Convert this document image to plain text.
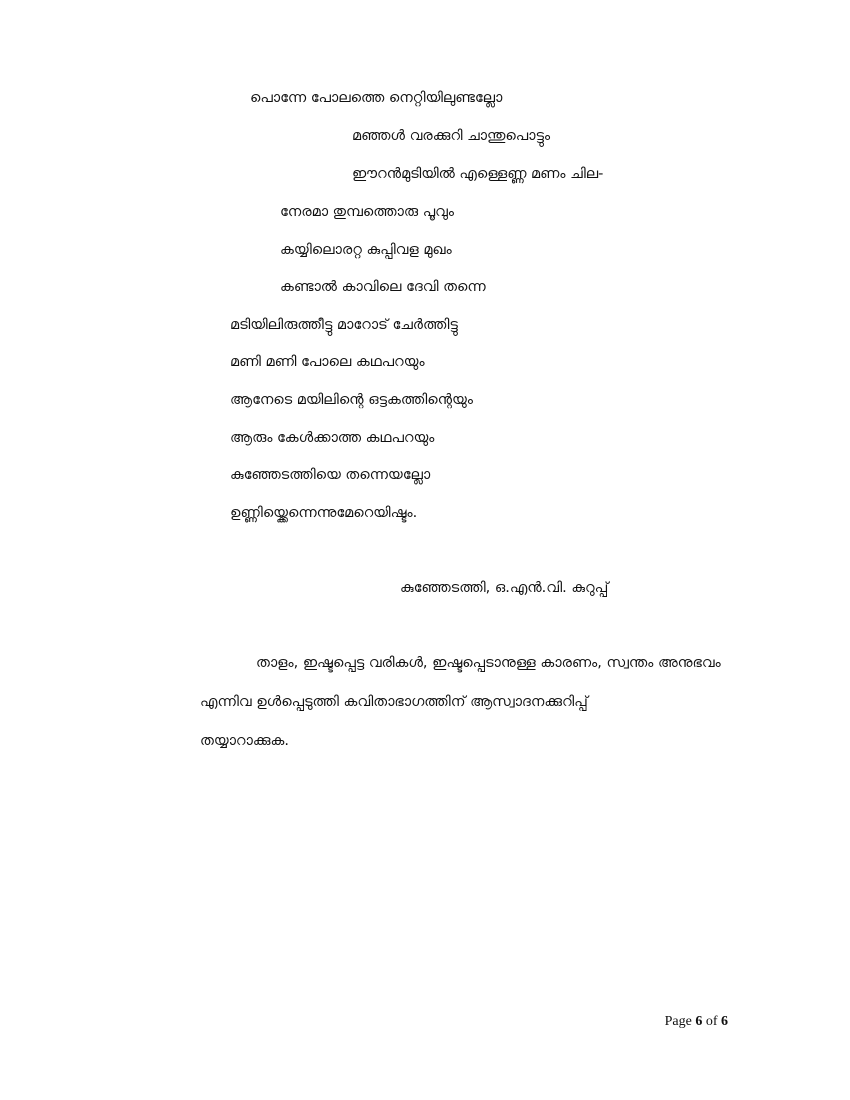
പൊന്നേ പോലത്തെ നെറ്റിയിലുണ്ടല്ലോ
മഞ്ഞൾ വരക്കുറി ചാന്തുപൊട്ടും
ഈറൻമുടിയിൽ എള്ളെണ്ണ മണം ചില-
നേരമാ തുമ്പത്തൊരു പൂവും
കയ്യിലൊരറ്റ കുപ്പിവള മുഖം
കണ്ടാൽ കാവിലെ ദേവി തന്നെ
മടിയിലിരുത്തീട്ടു മാറോട് ചേർത്തിട്ടു
മണി മണി പോലെ കഥപറയും
ആനേടെ മയിലിന്റെ ഒട്ടകത്തിന്റെയും
ആരും കേൾക്കാത്ത കഥപറയും
കുഞ്ഞേടത്തിയെ തന്നെയല്ലോ
ഉണ്ണിയ്ക്കെന്നെന്നുമേറെയിഷ്ടം.
കുഞ്ഞേടത്തി, ഒ.എൻ.വി. കുറുപ്പ്
താളം, ഇഷ്ടപ്പെട്ട വരികൾ, ഇഷ്ടപ്പെടാനുള്ള കാരണം, സ്വന്തം അനുഭവം
എന്നിവ ഉൾപ്പെടുത്തി കവിതാഭാഗത്തിന് ആസ്വാദനക്കുറിപ്പ്
തയ്യാറാക്കുക.
Page 6 of 6
